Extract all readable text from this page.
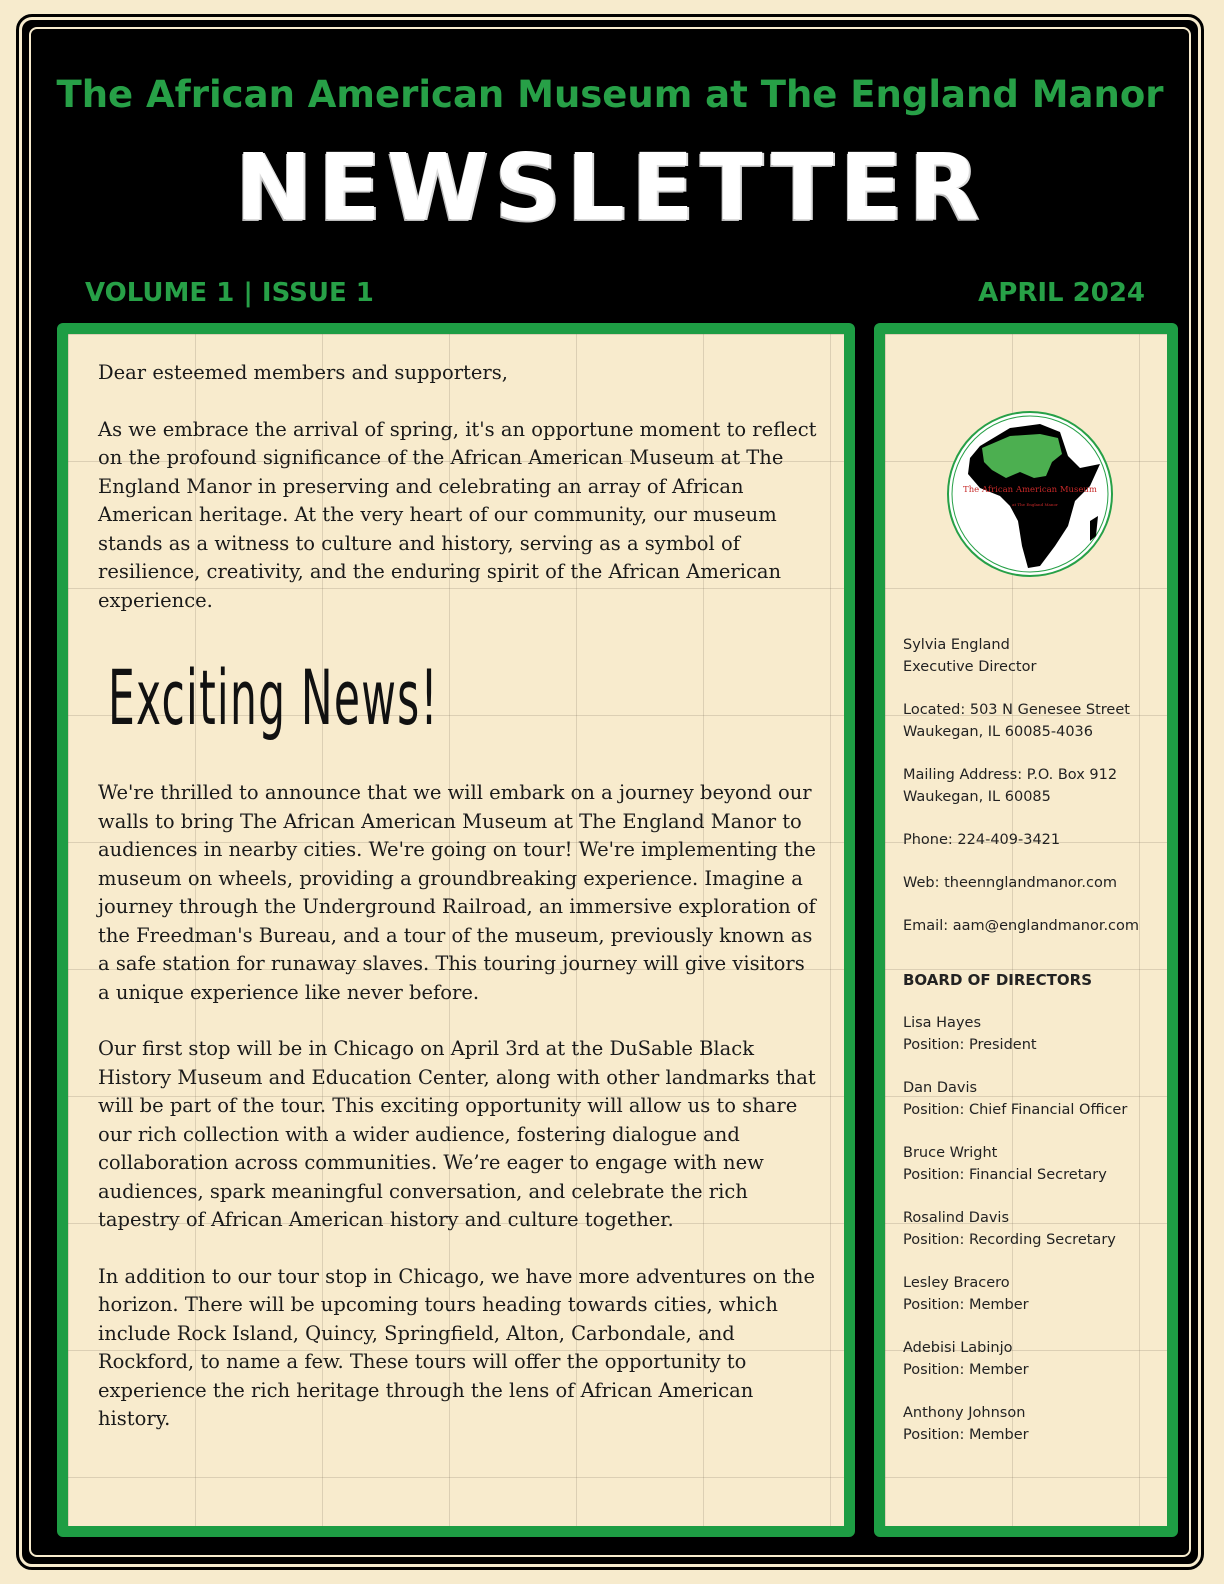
The African American Museum at The England Manor
NEWSLETTER
VOLUME 1 | ISSUE 1	APRIL 2024

Dear esteemed members and supporters,

As we embrace the arrival of spring, it's an opportune moment to reflect on the profound significance of the African American Museum at The England Manor in preserving and celebrating an array of African American heritage. At the very heart of our community, our museum stands as a witness to culture and history, serving as a symbol of resilience, creativity, and the enduring spirit of the African American experience.

Exciting News!

We're thrilled to announce that we will embark on a journey beyond our walls to bring The African American Museum at The England Manor to audiences in nearby cities. We're going on tour! We're implementing the museum on wheels, providing a groundbreaking experience. Imagine a journey through the Underground Railroad, an immersive exploration of the Freedman's Bureau, and a tour of the museum, previously known as a safe station for runaway slaves. This touring journey will give visitors a unique experience like never before.

Our first stop will be in Chicago on April 3rd at the DuSable Black History Museum and Education Center, along with other landmarks that will be part of the tour. This exciting opportunity will allow us to share our rich collection with a wider audience, fostering dialogue and collaboration across communities. We’re eager to engage with new audiences, spark meaningful conversation, and celebrate the rich tapestry of African American history and culture together.

In addition to our tour stop in Chicago, we have more adventures on the horizon. There will be upcoming tours heading towards cities, which include Rock Island, Quincy, Springfield, Alton, Carbondale, and Rockford, to name a few. These tours will offer the opportunity to experience the rich heritage through the lens of African American history.

The African American Museum
at The England Manor
Sylvia England
Executive Director
Located: 503 N Genesee Street
Waukegan, IL 60085-4036
Mailing Address: P.O. Box 912
Waukegan, IL 60085
Phone: 224-409-3421
Web: theennglandmanor.com
Email: aam@englandmanor.com
BOARD OF DIRECTORS
Lisa Hayes
Position: President
Dan Davis
Position: Chief Financial Officer
Bruce Wright
Position: Financial Secretary
Rosalind Davis
Position: Recording Secretary
Lesley Bracero
Position: Member
Adebisi Labinjo
Position: Member
Anthony Johnson
Position: Member
